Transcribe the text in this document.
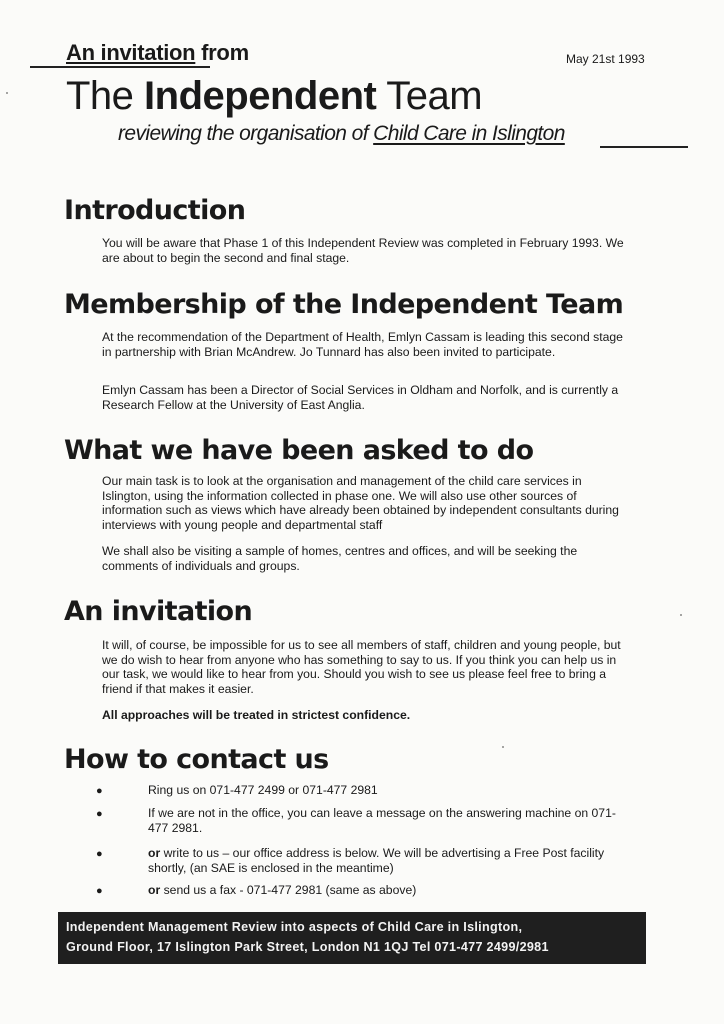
An invitation from	May 21st 1993
The Independent Team
reviewing the organisation of Child Care in Islington
Introduction

You will be aware that Phase 1 of this Independent Review was completed in February 1993. We are about to begin the second and final stage.

Membership of the Independent Team

At the recommendation of the Department of Health, Emlyn Cassam is leading this second stage in partnership with Brian McAndrew. Jo Tunnard has also been invited to participate.

Emlyn Cassam has been a Director of Social Services in Oldham and Norfolk, and is currently a Research Fellow at the University of East Anglia.

What we have been asked to do

Our main task is to look at the organisation and management of the child care services in Islington, using the information collected in phase one. We will also use other sources of information such as views which have already been obtained by independent consultants during interviews with young people and departmental staff

We shall also be visiting a sample of homes, centres and offices, and will be seeking the comments of individuals and groups.

An invitation

It will, of course, be impossible for us to see all members of staff, children and young people, but we do wish to hear from anyone who has something to say to us. If you think you can help us in our task, we would like to hear from you. Should you wish to see us please feel free to bring a friend if that makes it easier.

All approaches will be treated in strictest confidence.

How to contact us
●	Ring us on 071-477 2499 or 071-477 2981
●	If we are not in the office, you can leave a message on the answering machine on 071-477 2981.
●	or write to us – our office address is below. We will be advertising a Free Post facility shortly, (an SAE is enclosed in the meantime)
●	or send us a fax - 071-477 2981 (same as above)
Independent Management Review into aspects of Child Care in Islington,
Ground Floor, 17 Islington Park Street, London N1 1QJ Tel 071-477 2499/2981
